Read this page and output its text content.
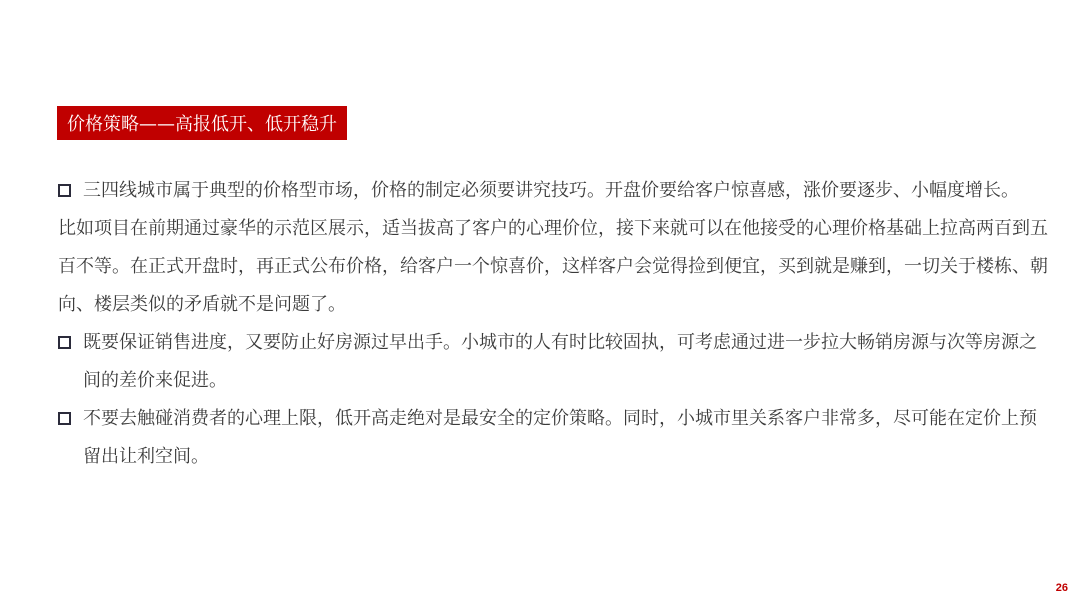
价格策略——高报低开、低开稳升
三四线城市属于典型的价格型市场，价格的制定必须要讲究技巧。开盘价要给客户惊喜感，涨价要逐步、小幅度增长。
比如项目在前期通过豪华的示范区展示，适当拔高了客户的心理价位，接下来就可以在他接受的心理价格基础上拉高两百到五百不等。在正式开盘时，再正式公布价格，给客户一个惊喜价，这样客户会觉得捡到便宜，买到就是赚到，一切关于楼栋、朝向、楼层类似的矛盾就不是问题了。
既要保证销售进度，又要防止好房源过早出手。小城市的人有时比较固执，可考虑通过进一步拉大畅销房源与次等房源之间的差价来促进。
不要去触碰消费者的心理上限，低开高走绝对是最安全的定价策略。同时，小城市里关系客户非常多，尽可能在定价上预留出让利空间。
26
